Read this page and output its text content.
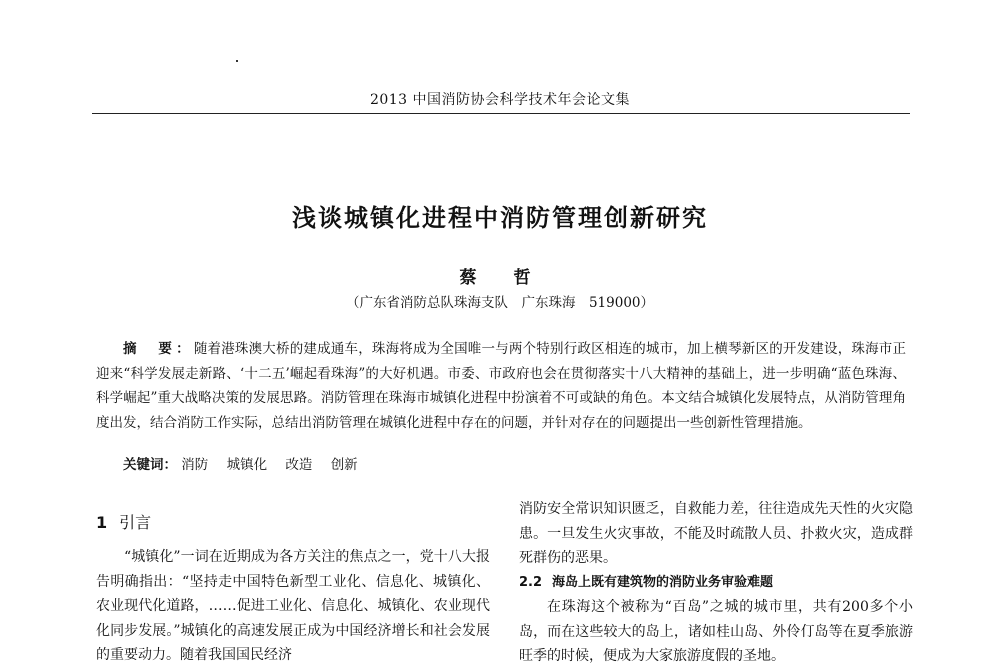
2013 中国消防协会科学技术年会论文集
浅谈城镇化进程中消防管理创新研究
蔡　哲
（广东省消防总队珠海支队　广东珠海　519000）
摘　要：随着港珠澳大桥的建成通车，珠海将成为全国唯一与两个特别行政区相连的城市，加上横琴新区的开发建设，珠海市正迎来“科学发展走新路、‘十二五’崛起看珠海”的大好机遇。市委、市政府也会在贯彻落实十八大精神的基础上，进一步明确“蓝色珠海、科学崛起”重大战略决策的发展思路。消防管理在珠海市城镇化进程中扮演着不可或缺的角色。本文结合城镇化发展特点，从消防管理角度出发，结合消防工作实际，总结出消防管理在城镇化进程中存在的问题，并针对存在的问题提出一些创新性管理措施。
关键词： 消防 城镇化 改造 创新
1 引言
“城镇化”一词在近期成为各方关注的焦点之一，党十八大报告明确指出：“坚持走中国特色新型工业化、信息化、城镇化、农业现代化道路，……促进工业化、信息化、城镇化、农业现代化同步发展。”城镇化的高速发展正成为中国经济增长和社会发展的重要动力。随着我国国民经济

消防安全常识知识匮乏，自救能力差，往往造成先天性的火灾隐患。一旦发生火灾事故，不能及时疏散人员、扑救火灾，造成群死群伤的恶果。

2.2 海岛上既有建筑物的消防业务审验难题

在珠海这个被称为“百岛”之城的城市里，共有200多个小岛，而在这些较大的岛上，诸如桂山岛、外伶仃岛等在夏季旅游旺季的时候，便成为大家旅游度假的圣地。
